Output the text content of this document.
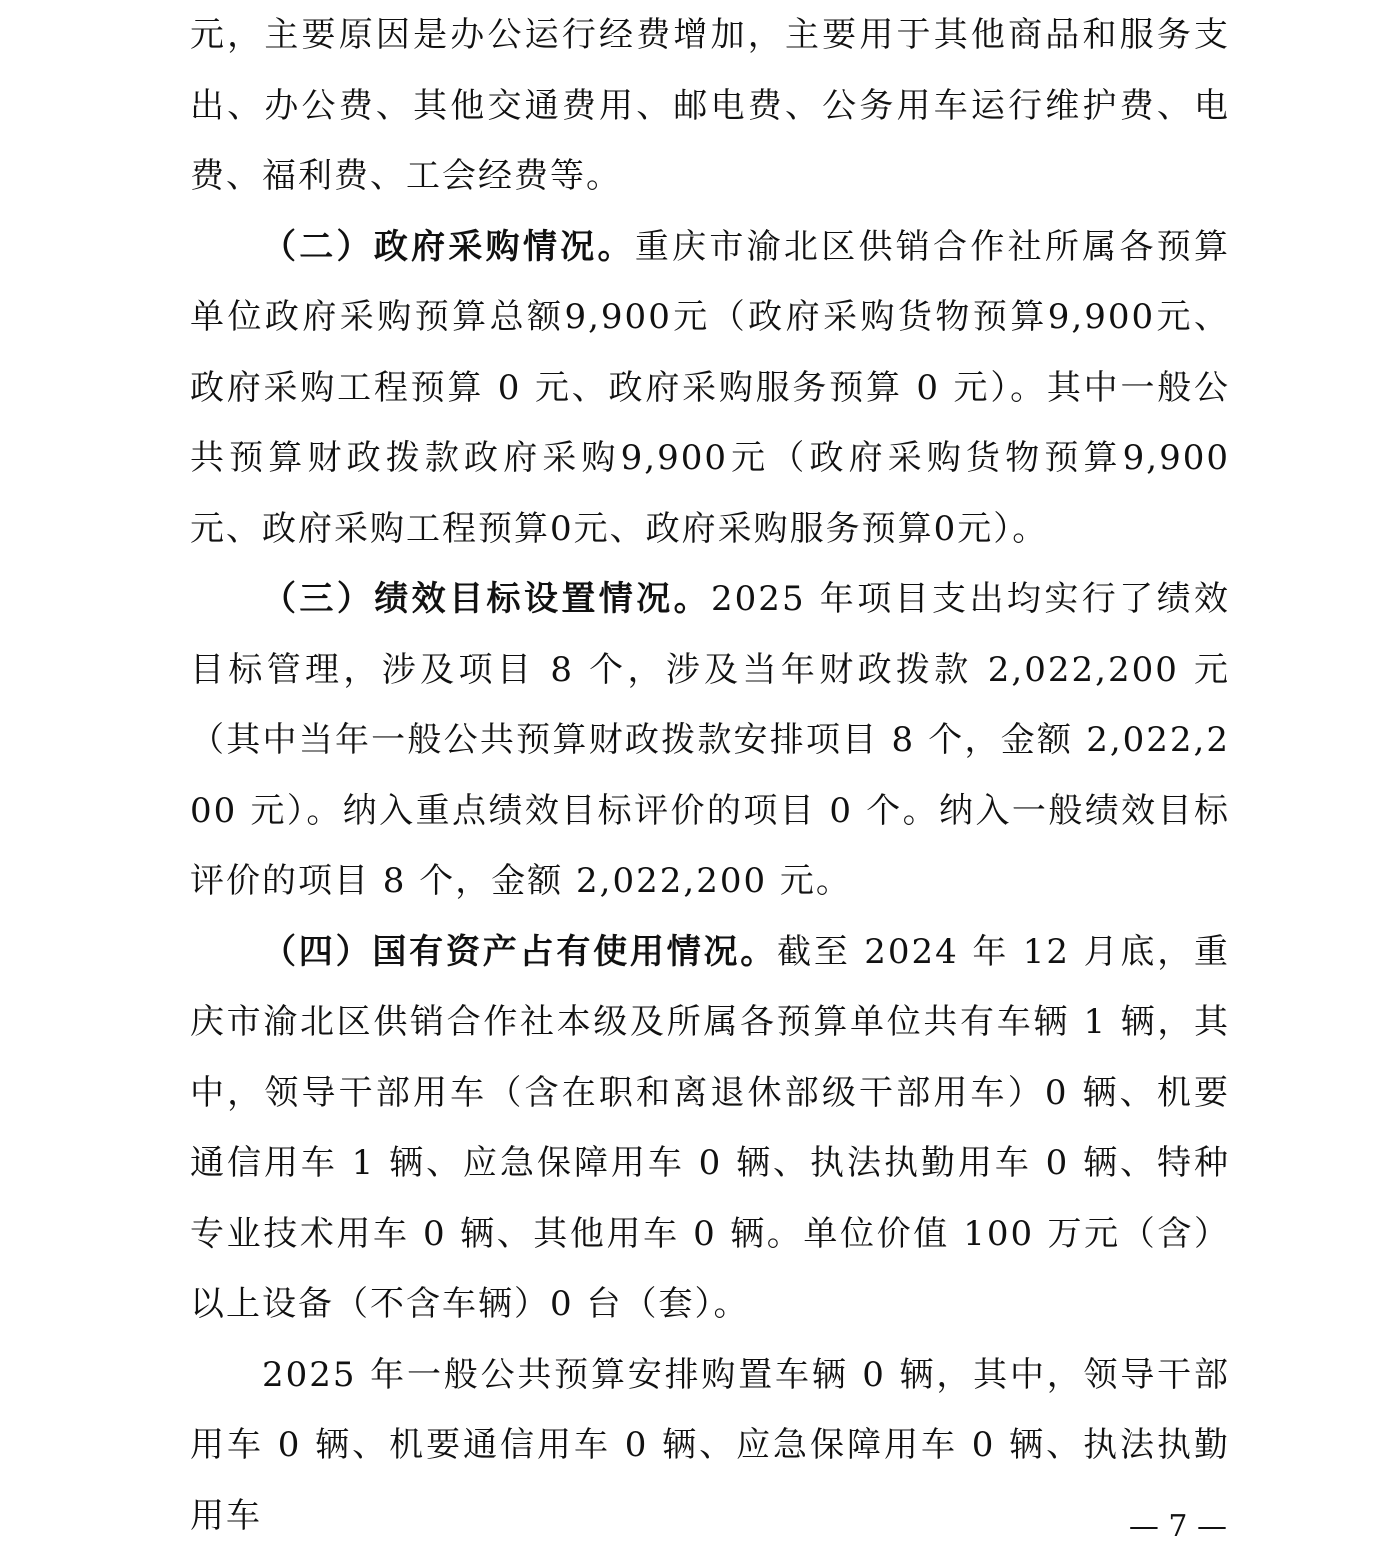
元，主要原因是办公运行经费增加，主要用于其他商品和服务支出、办公费、其他交通费用、邮电费、公务用车运行维护费、电费、福利费、工会经费等。

（二）政府采购情况。重庆市渝北区供销合作社所属各预算单位政府采购预算总额9,900元（政府采购货物预算9,900元、政府采购工程预算 0 元、政府采购服务预算 0 元）。其中一般公共预算财政拨款政府采购9,900元（政府采购货物预算9,900元、政府采购工程预算0元、政府采购服务预算0元）。

（三）绩效目标设置情况。2025 年项目支出均实行了绩效目标管理，涉及项目 8 个，涉及当年财政拨款 2,022,200 元（其中当年一般公共预算财政拨款安排项目 8 个，金额 2,022,200 元）。纳入重点绩效目标评价的项目 0 个。纳入一般绩效目标评价的项目 8 个，金额 2,022,200 元。

（四）国有资产占有使用情况。截至 2024 年 12 月底，重庆市渝北区供销合作社本级及所属各预算单位共有车辆 1 辆，其中，领导干部用车（含在职和离退休部级干部用车）0 辆、机要通信用车 1 辆、应急保障用车 0 辆、执法执勤用车 0 辆、特种专业技术用车 0 辆、其他用车 0 辆。单位价值 100 万元（含）以上设备（不含车辆）0 台（套）。

2025 年一般公共预算安排购置车辆 0 辆，其中，领导干部用车 0 辆、机要通信用车 0 辆、应急保障用车 0 辆、执法执勤用车	— 7 —
